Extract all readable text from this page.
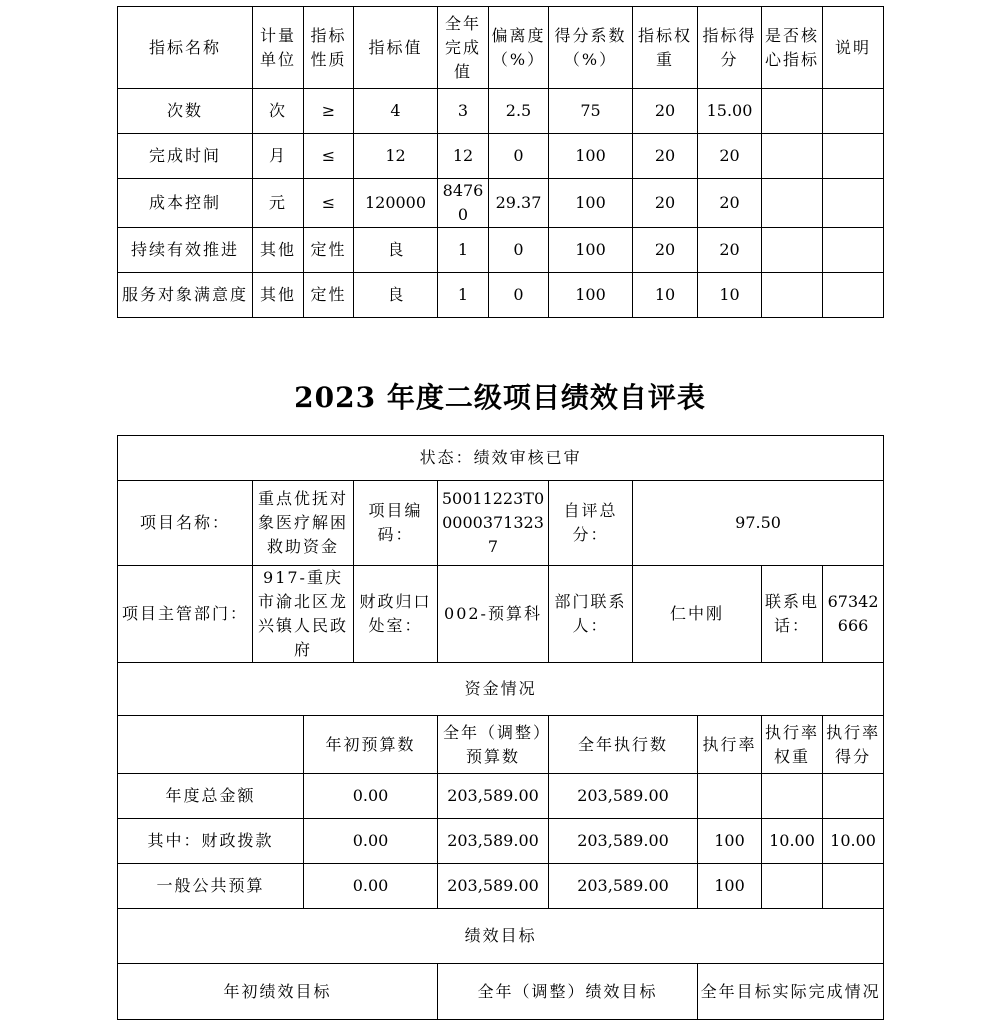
指标名称	计量单位	指标性质	指标值	全年完成值	偏离度（%）	得分系数（%）	指标权重	指标得分	是否核心指标	说明
次数	次	≥	4	3	2.5	75	20	15.00		
完成时间	月	≤	12	12	0	100	20	20		
成本控制	元	≤	120000	84760	29.37	100	20	20		
持续有效推进	其他	定性	良	1	0	100	20	20		
服务对象满意度	其他	定性	良	1	0	100	10	10		
2023 年度二级项目绩效自评表
状态：绩效审核已审									
项目名称：	重点优抚对象医疗解困救助资金		项目编码：	50011223T000003713237	自评总分：	97.50			
项目主管部门：	917-重庆市渝北区龙兴镇人民政府		财政归口处室：	002-预算科	部门联系人：	仁中刚		联系电话：	67342666
资金情况									
		年初预算数		全年（调整）预算数	全年执行数		执行率	执行率权重	执行率得分
年度总金额		0.00		203,589.00	203,589.00				
其中：财政拨款		0.00		203,589.00	203,589.00		100	10.00	10.00
一般公共预算		0.00		203,589.00	203,589.00		100		
绩效目标									
年初绩效目标				全年（调整）绩效目标			全年目标实际完成情况		
